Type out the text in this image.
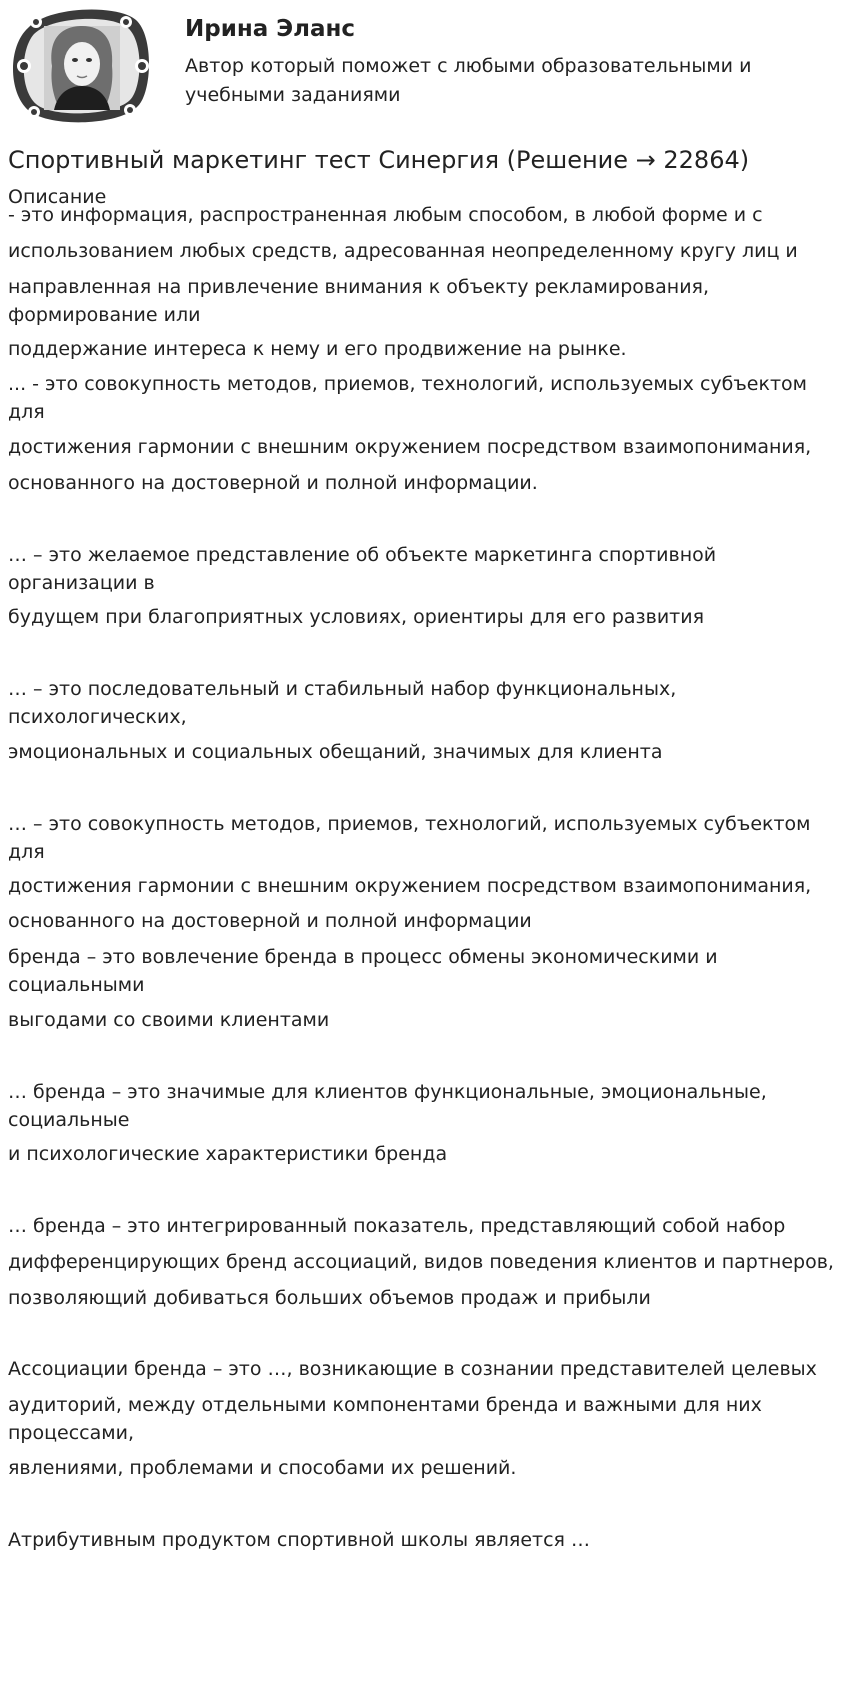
Ирина Эланс
Автор который поможет с любыми образовательными и учебными заданиями
Спортивный маркетинг тест Синергия (Решение → 22864)
Описание

- это информация, распространенная любым способом, в любой форме и с

использованием любых средств, адресованная неопределенному кругу лиц и

направленная на привлечение внимания к объекту рекламирования, формирование или

поддержание интереса к нему и его продвижение на рынке.

... - это совокупность методов, приемов, технологий, используемых субъектом для

достижения гармонии с внешним окружением посредством взаимопонимания,

основанного на достоверной и полной информации.

… – это желаемое представление об объекте маркетинга спортивной организации в

будущем при благоприятных условиях, ориентиры для его развития

… – это последовательный и стабильный набор функциональных, психологических,

эмоциональных и социальных обещаний, значимых для клиента

… – это совокупность методов, приемов, технологий, используемых субъектом для

достижения гармонии с внешним окружением посредством взаимопонимания,

основанного на достоверной и полной информации

бренда – это вовлечение бренда в процесс обмены экономическими и социальными

выгодами со своими клиентами

… бренда – это значимые для клиентов функциональные, эмоциональные, социальные

и психологические характеристики бренда

… бренда – это интегрированный показатель, представляющий собой набор

дифференцирующих бренд ассоциаций, видов поведения клиентов и партнеров,

позволяющий добиваться больших объемов продаж и прибыли

Ассоциации бренда – это …, возникающие в сознании представителей целевых

аудиторий, между отдельными компонентами бренда и важными для них процессами,

явлениями, проблемами и способами их решений.

Атрибутивным продуктом спортивной школы является …
